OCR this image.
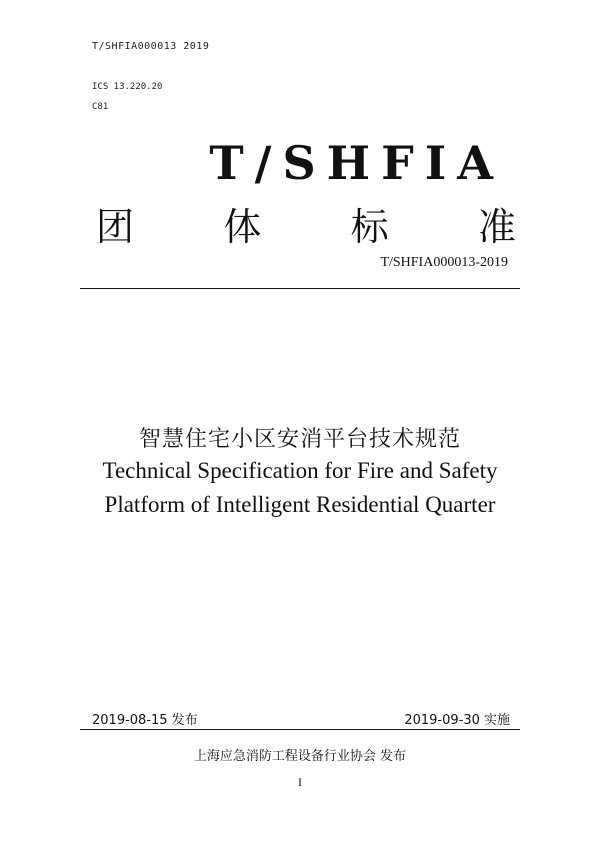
T/SHFIA000013 2019
ICS 13.220.20
C81
T/SHFIA
团 体 标 准
T/SHFIA000013-2019
智慧住宅小区安消平台技术规范
Technical Specification for Fire and Safety
Platform of Intelligent Residential Quarter
2019-08-15 发布	2019-09-30 实施
上海应急消防工程设备行业协会 发布
I
